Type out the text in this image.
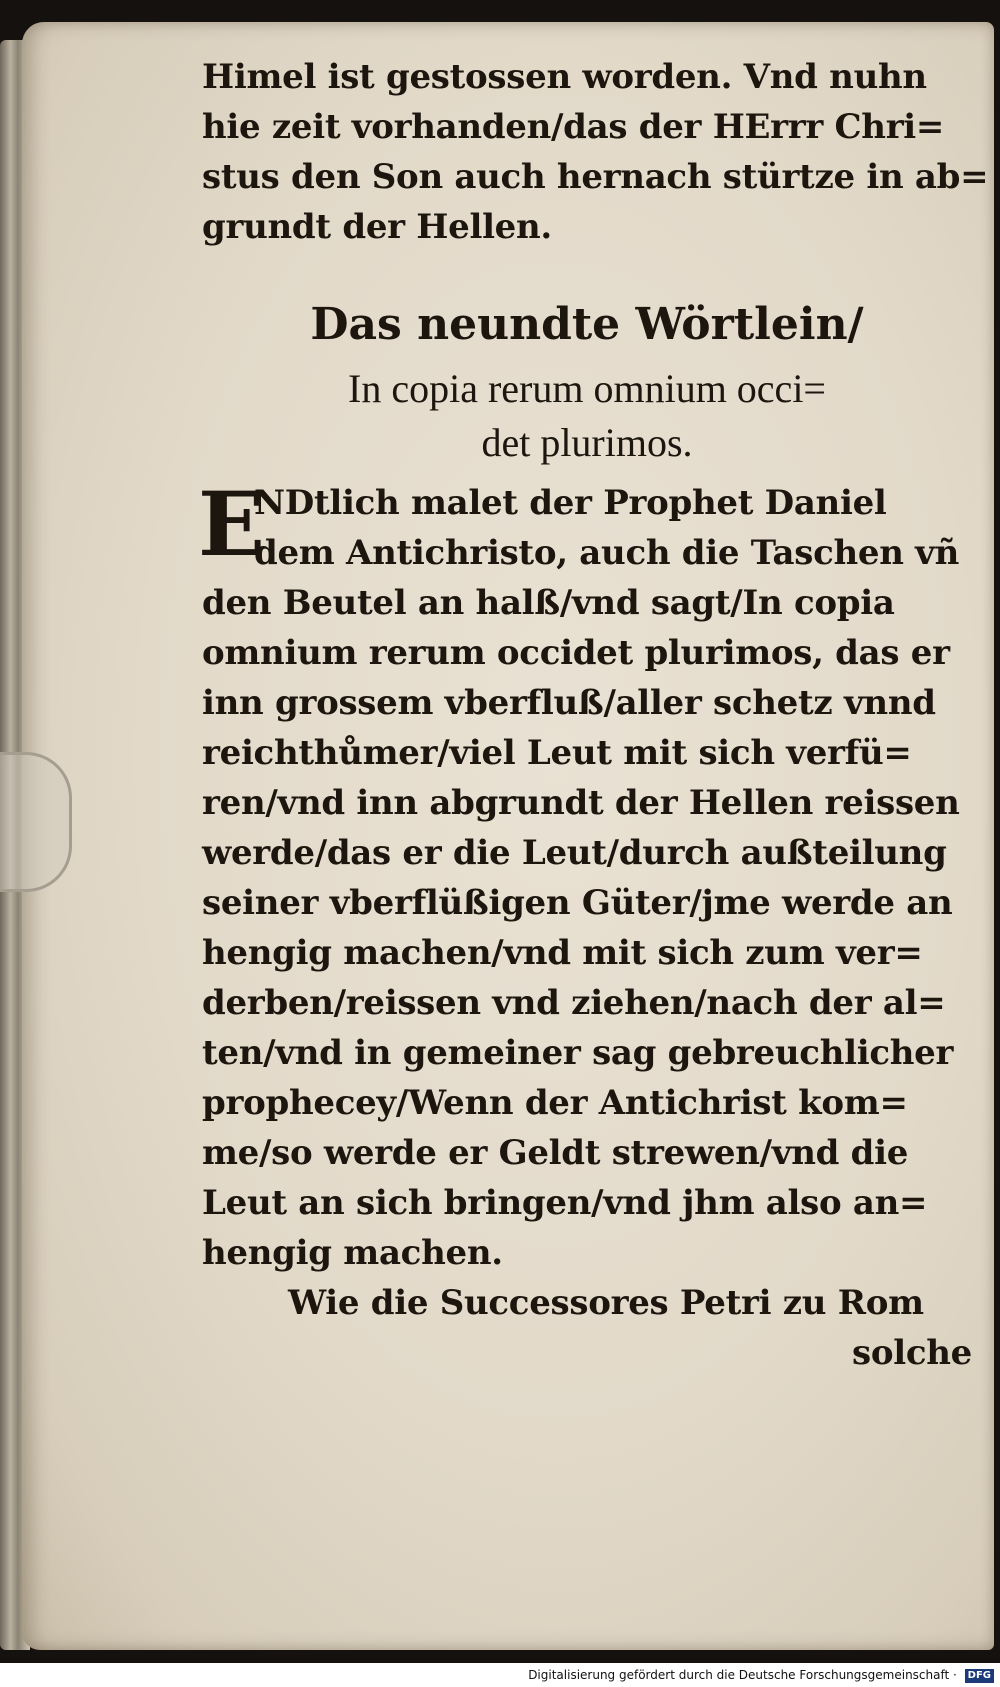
Himel ist gestossen worden. Vnd nuhn
hie zeit vorhanden/das der HErrr Chri=
stus den Son auch hernach stürtze in ab=
grundt der Hellen.
Das neundte Wörtlein/
In copia rerum omnium occi=
det plurimos.
E
NDtlich malet der Prophet Daniel
dem Antichristo, auch die Taschen vñ
den Beutel an halß/vnd sagt/In copia
omnium rerum occidet plurimos, das er
inn grossem vberfluß/aller schetz vnnd
reichthůmer/viel Leut mit sich verfü=
ren/vnd inn abgrundt der Hellen reissen
werde/das er die Leut/durch außteilung
seiner vberflüßigen Güter/jme werde an
hengig machen/vnd mit sich zum ver=
derben/reissen vnd ziehen/nach der al=
ten/vnd in gemeiner sag gebreuchlicher
prophecey/Wenn der Antichrist kom=
me/so werde er Geldt strewen/vnd die
Leut an sich bringen/vnd jhm also an=
hengig machen.
Wie die Successores Petri zu Rom
solche
Digitalisierung gefördert durch die Deutsche Forschungsgemeinschaft · DFG
